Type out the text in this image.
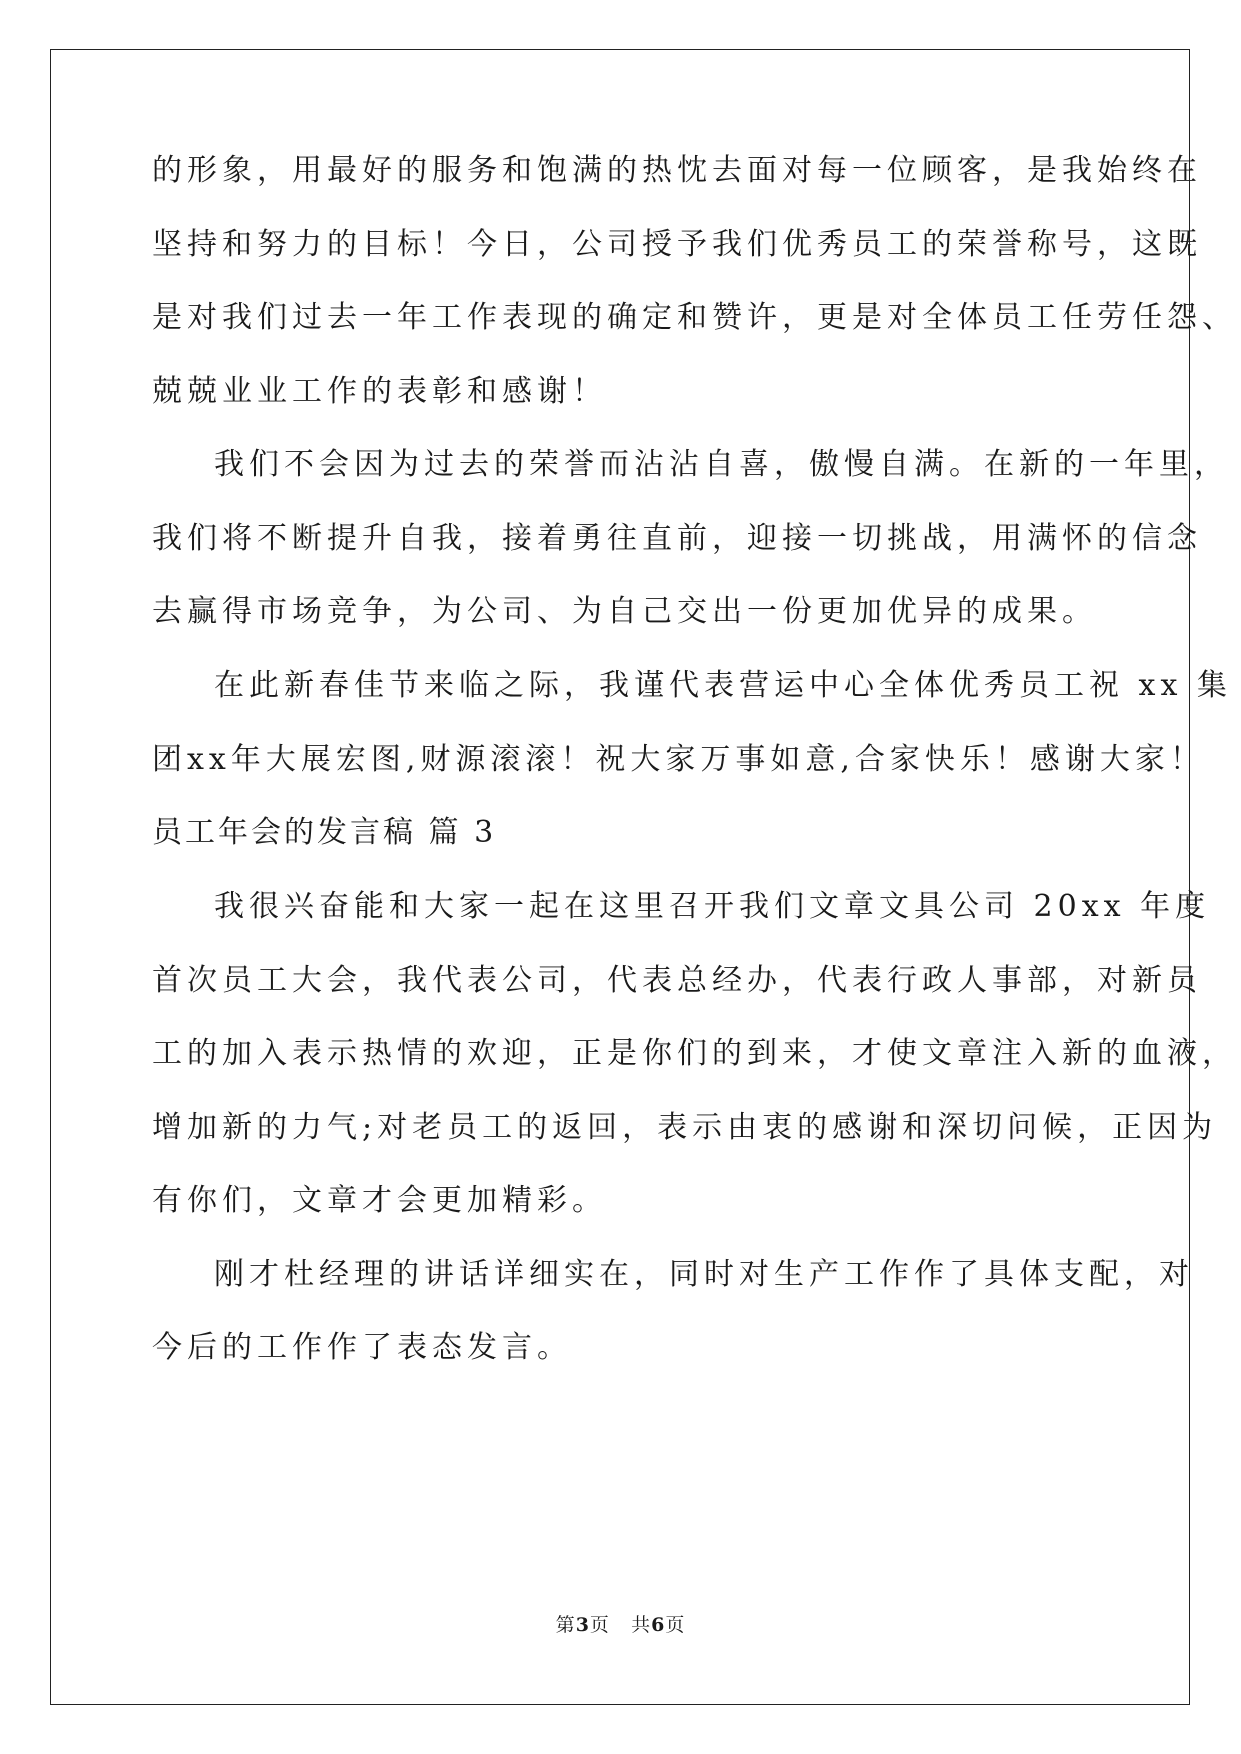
的形象，用最好的服务和饱满的热忱去面对每一位顾客，是我始终在
坚持和努力的目标！今日，公司授予我们优秀员工的荣誉称号，这既
是对我们过去一年工作表现的确定和赞许，更是对全体员工任劳任怨、
兢兢业业工作的表彰和感谢！
我们不会因为过去的荣誉而沾沾自喜，傲慢自满。在新的一年里，
我们将不断提升自我，接着勇往直前，迎接一切挑战，用满怀的信念
去赢得市场竞争，为公司、为自己交出一份更加优异的成果。
在此新春佳节来临之际，我谨代表营运中心全体优秀员工祝 xx 集
团xx年大展宏图,财源滚滚！祝大家万事如意,合家快乐！感谢大家！
员工年会的发言稿 篇 3
我很兴奋能和大家一起在这里召开我们文章文具公司 20xx 年度
首次员工大会，我代表公司，代表总经办，代表行政人事部，对新员
工的加入表示热情的欢迎，正是你们的到来，才使文章注入新的血液，
增加新的力气;对老员工的返回，表示由衷的感谢和深切问候，正因为
有你们，文章才会更加精彩。
刚才杜经理的讲话详细实在，同时对生产工作作了具体支配，对
今后的工作作了表态发言。
第3页 共6页
